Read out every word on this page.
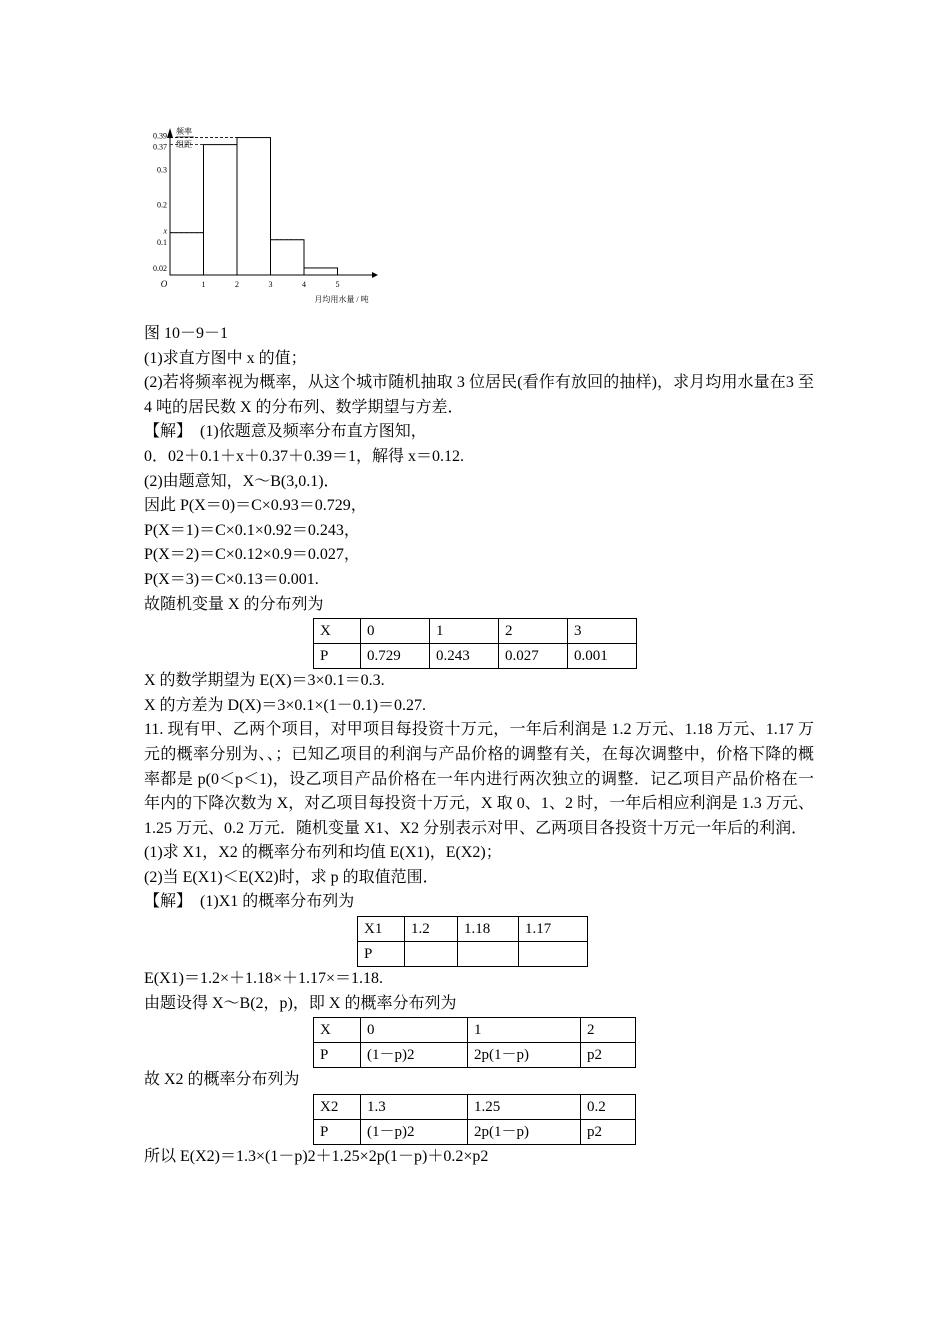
0.02
0.1
x
0.2
0.3
0.37
0.39
1	2	3	4	5
O
频率
组距
月均用水量 / 吨

图 10－9－1

(1)求直方图中 x 的值；

(2)若将频率视为概率，从这个城市随机抽取 3 位居民(看作有放回的抽样)，求月均用水量在3 至 4 吨的居民数 X 的分布列、数学期望与方差．

【解】　 (1)依题意及频率分布直方图知，

0．02＋0.1＋x＋0.37＋0.39＝1，解得 x＝0.12.

(2)由题意知，X～B(3,0.1)．

因此 P(X＝0)＝C×0.93＝0.729，

P(X＝1)＝C×0.1×0.92＝0.243，

P(X＝2)＝C×0.12×0.9＝0.027，

P(X＝3)＝C×0.13＝0.001.

故随机变量 X 的分布列为

X	0	1	2	3
P	0.729	0.243	0.027	0.001

X 的数学期望为 E(X)＝3×0.1＝0.3.

X 的方差为 D(X)＝3×0.1×(1－0.1)＝0.27.

11. 现有甲、乙两个项目，对甲项目每投资十万元，一年后利润是 1.2 万元、1.18 万元、1.17 万元的概率分别为、、；已知乙项目的利润与产品价格的调整有关，在每次调整中，价格下降的概率都是 p(0＜p＜1)，设乙项目产品价格在一年内进行两次独立的调整．记乙项目产品价格在一年内的下降次数为 X，对乙项目每投资十万元，X 取 0、1、2 时，一年后相应利润是 1.3 万元、1.25 万元、0.2 万元．随机变量 X1、X2 分别表示对甲、乙两项目各投资十万元一年后的利润．

(1)求 X1，X2 的概率分布列和均值 E(X1)，E(X2)；

(2)当 E(X1)＜E(X2)时，求 p 的取值范围．

【解】　 (1)X1 的概率分布列为

X1	1.2	1.18	1.17
P			

E(X1)＝1.2×＋1.18×＋1.17×＝1.18.

由题设得 X～B(2，p)，即 X 的概率分布列为

X	0	1	2
P	(1－p)2	2p(1－p)	p2

故 X2 的概率分布列为

X2	1.3	1.25	0.2
P	(1－p)2	2p(1－p)	p2

所以 E(X2)＝1.3×(1－p)2＋1.25×2p(1－p)＋0.2×p2
